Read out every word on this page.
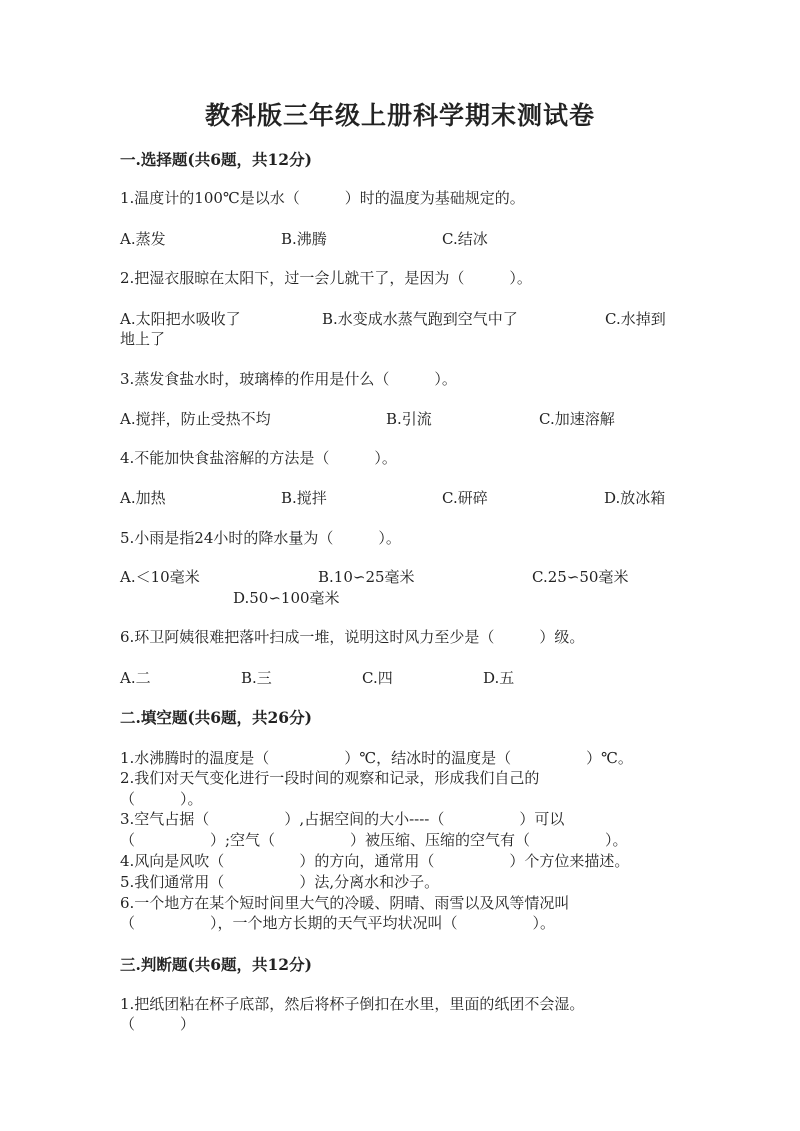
教科版三年级上册科学期末测试卷
一.选择题(共6题，共12分)
1.温度计的100℃是以水（　　　）时的温度为基础规定的。
A.蒸发	B.沸腾	C.结冰
2.把湿衣服晾在太阳下，过一会儿就干了，是因为（　　　）。
A.太阳把水吸收了	B.水变成水蒸气跑到空气中了	C.水掉到
地上了
3.蒸发食盐水时，玻璃棒的作用是什么（　　　）。
A.搅拌，防止受热不均	B.引流	C.加速溶解
4.不能加快食盐溶解的方法是（　　　）。
A.加热	B.搅拌	C.研碎	D.放冰箱
5.小雨是指24小时的降水量为（　　　）。
A.＜10毫米	B.10∽25毫米	C.25∽50毫米
D.50∽100毫米
6.环卫阿姨很难把落叶扫成一堆，说明这时风力至少是（　　　）级。
A.二	B.三	C.四	D.五
二.填空题(共6题，共26分)
1.水沸腾时的温度是（　　　　　）℃，结冰时的温度是（　　　　　）℃。
2.我们对天气变化进行一段时间的观察和记录，形成我们自己的
（　　　）。
3.空气占据（　　　　　）,占据空间的大小----（　　　　　）可以
（　　　　　）;空气（　　　　　）被压缩、压缩的空气有（　　　　　）。
4.风向是风吹（　　　　　）的方向，通常用（　　　　　）个方位来描述。
5.我们通常用（　　　　　）法,分离水和沙子。
6.一个地方在某个短时间里大气的冷暖、阴晴、雨雪以及风等情况叫
（　　　　　），一个地方长期的天气平均状况叫（　　　　　）。
三.判断题(共6题，共12分)
1.把纸团粘在杯子底部，然后将杯子倒扣在水里，里面的纸团不会湿。
（　　　）
